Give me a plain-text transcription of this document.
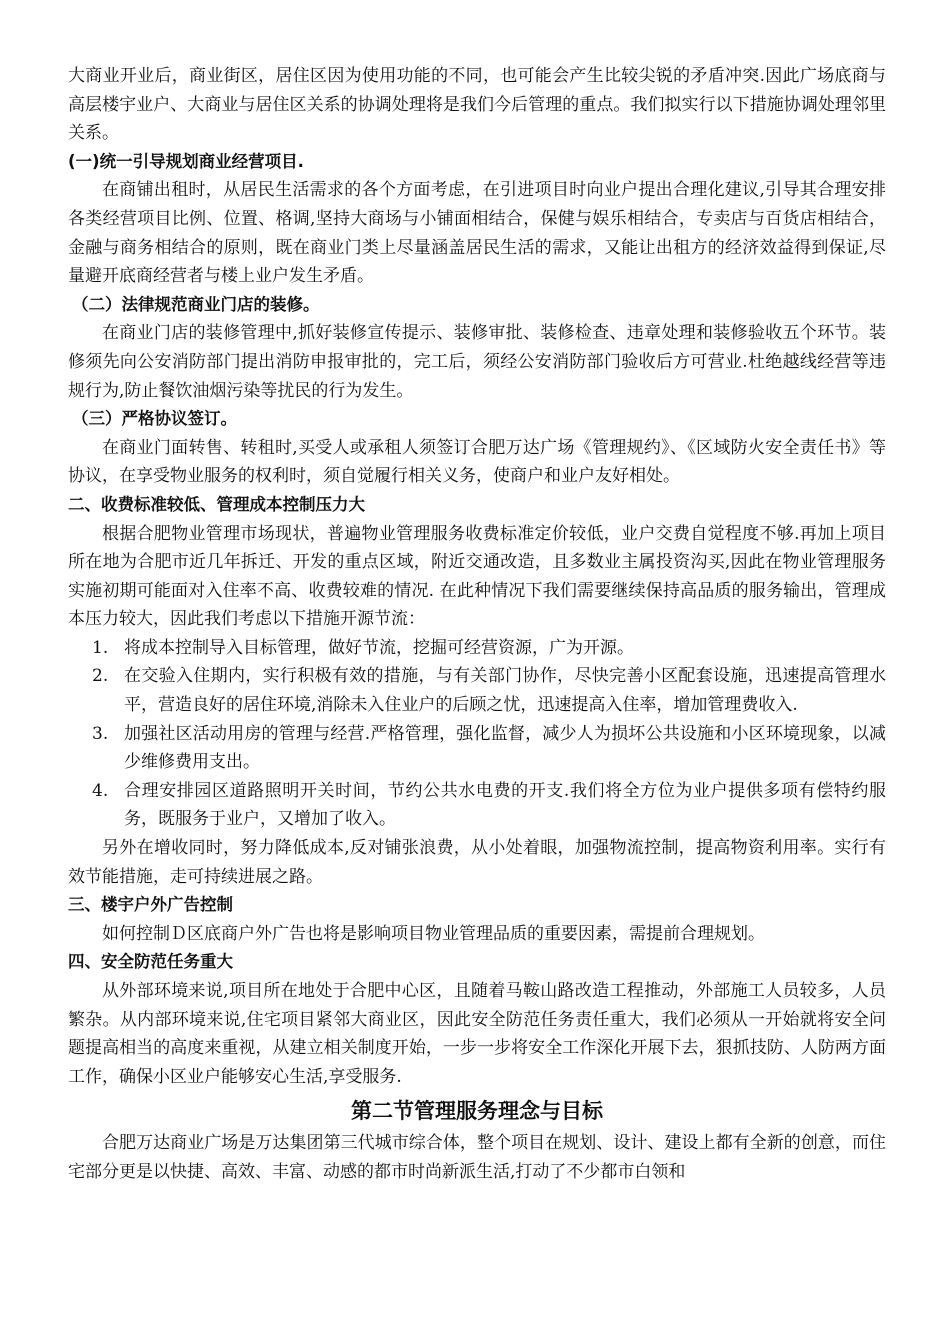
大商业开业后，商业街区，居住区因为使用功能的不同，也可能会产生比较尖锐的矛盾冲突.因此广场底商与高层楼宇业户、大商业与居住区关系的协调处理将是我们今后管理的重点。我们拟实行以下措施协调处理邻里关系。

(一)统一引导规划商业经营项目.

在商铺出租时，从居民生活需求的各个方面考虑，在引进项目时向业户提出合理化建议,引导其合理安排各类经营项目比例、位置、格调,坚持大商场与小铺面相结合，保健与娱乐相结合，专卖店与百货店相结合，金融与商务相结合的原则，既在商业门类上尽量涵盖居民生活的需求，又能让出租方的经济效益得到保证,尽量避开底商经营者与楼上业户发生矛盾。

（二）法律规范商业门店的装修。

在商业门店的装修管理中,抓好装修宣传提示、装修审批、装修检查、违章处理和装修验收五个环节。装修须先向公安消防部门提出消防申报审批的，完工后，须经公安消防部门验收后方可营业.杜绝越线经营等违规行为,防止餐饮油烟污染等扰民的行为发生。

（三）严格协议签订。

在商业门面转售、转租时,买受人或承租人须签订合肥万达广场《管理规约》、《区域防火安全责任书》等协议，在享受物业服务的权利时，须自觉履行相关义务，使商户和业户友好相处。

二、收费标准较低、管理成本控制压力大

根据合肥物业管理市场现状，普遍物业管理服务收费标准定价较低，业户交费自觉程度不够.再加上项目所在地为合肥市近几年拆迁、开发的重点区域，附近交通改造，且多数业主属投资沟买,因此在物业管理服务实施初期可能面对入住率不高、收费较难的情况. 在此种情况下我们需要继续保持高品质的服务输出，管理成本压力较大，因此我们考虑以下措施开源节流：

1. 将成本控制导入目标管理，做好节流，挖掘可经营资源，广为开源。
2. 在交验入住期内，实行积极有效的措施，与有关部门协作，尽快完善小区配套设施，迅速提高管理水平，营造良好的居住环境,消除未入住业户的后顾之忧，迅速提高入住率，增加管理费收入.
3. 加强社区活动用房的管理与经营.严格管理，强化监督，减少人为损坏公共设施和小区环境现象，以减少维修费用支出。
4. 合理安排园区道路照明开关时间，节约公共水电费的开支.我们将全方位为业户提供多项有偿特约服务，既服务于业户，又增加了收入。

另外在增收同时，努力降低成本,反对铺张浪费，从小处着眼，加强物流控制，提高物资利用率。实行有效节能措施，走可持续进展之路。

三、楼宇户外广告控制

如何控制Ｄ区底商户外广告也将是影响项目物业管理品质的重要因素，需提前合理规划。

四、安全防范任务重大

从外部环境来说,项目所在地处于合肥中心区，且随着马鞍山路改造工程推动，外部施工人员较多，人员繁杂。从内部环境来说,住宅项目紧邻大商业区，因此安全防范任务责任重大，我们必须从一开始就将安全问题提高相当的高度来重视，从建立相关制度开始，一步一步将安全工作深化开展下去，狠抓技防、人防两方面工作，确保小区业户能够安心生活,享受服务.

第二节管理服务理念与目标

合肥万达商业广场是万达集团第三代城市综合体，整个项目在规划、设计、建设上都有全新的创意，而住宅部分更是以快捷、高效、丰富、动感的都市时尚新派生活,打动了不少都市白领和
